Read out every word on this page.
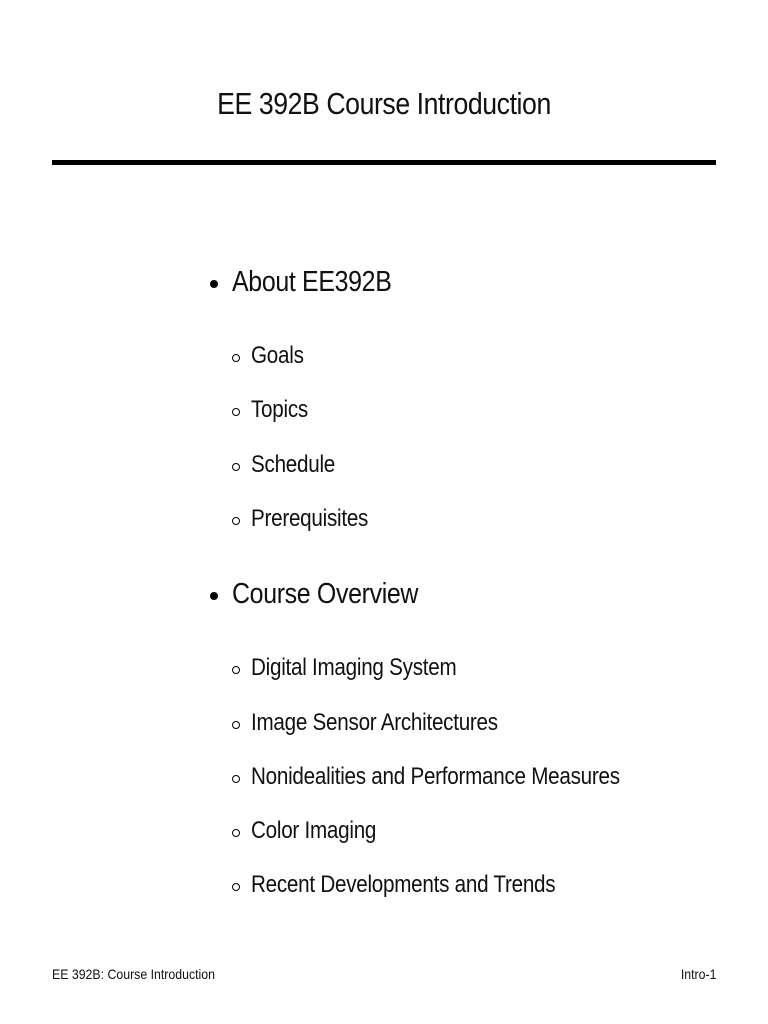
EE 392B Course Introduction
About EE392B
Goals
Topics
Schedule
Prerequisites
Course Overview
Digital Imaging System
Image Sensor Architectures
Nonidealities and Performance Measures
Color Imaging
Recent Developments and Trends
EE 392B: Course Introduction	Intro-1
